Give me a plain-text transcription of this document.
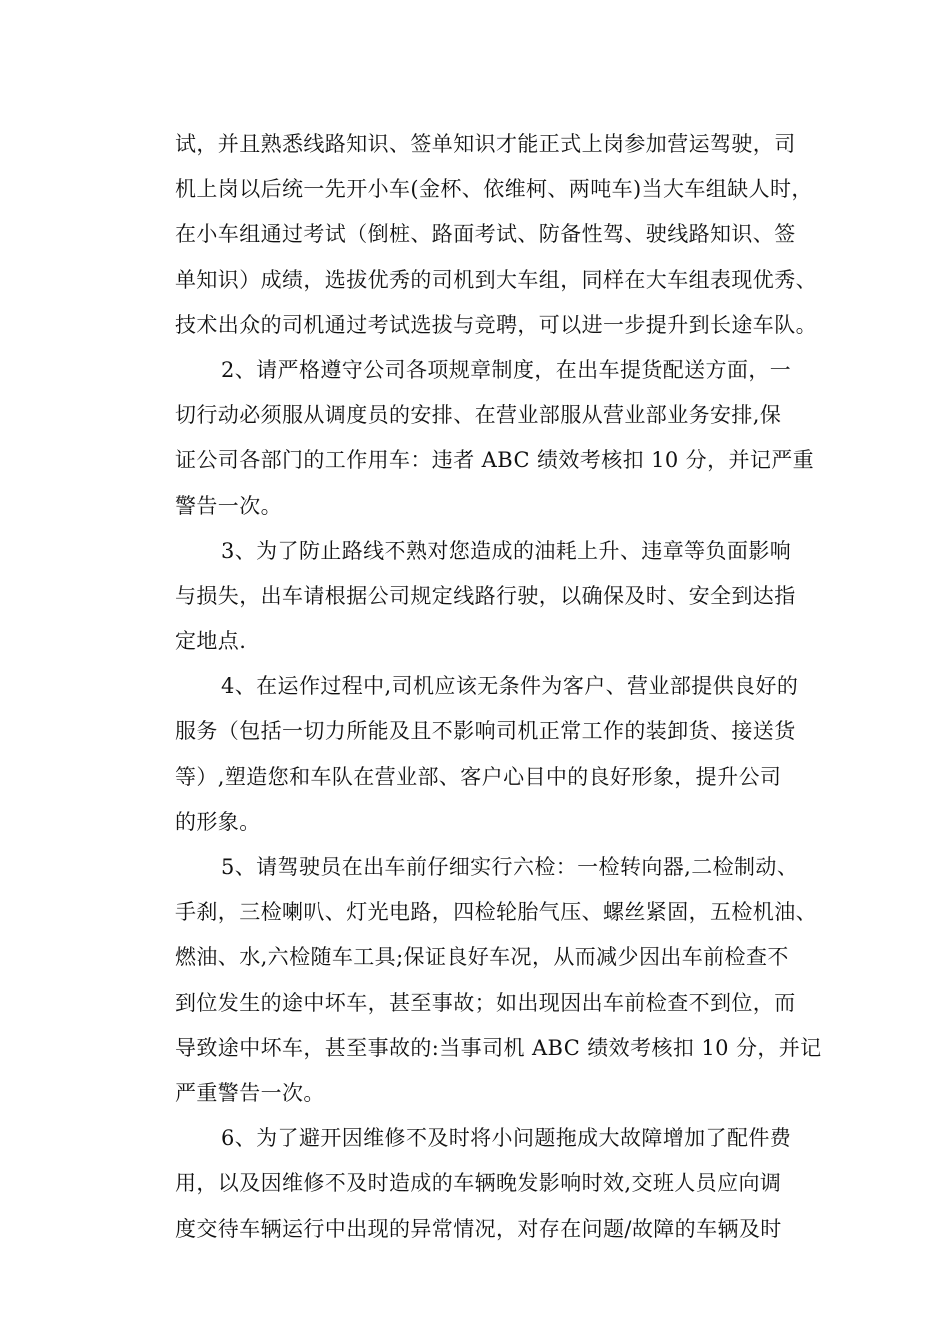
试，并且熟悉线路知识、签单知识才能正式上岗参加营运驾驶，司
机上岗以后统一先开小车(金杯、依维柯、两吨车)当大车组缺人时，
在小车组通过考试（倒桩、路面考试、防备性驾、驶线路知识、签
单知识）成绩，选拔优秀的司机到大车组，同样在大车组表现优秀、
技术出众的司机通过考试选拔与竞聘，可以进一步提升到长途车队。
2、请严格遵守公司各项规章制度，在出车提货配送方面，一
切行动必须服从调度员的安排、在营业部服从营业部业务安排,保
证公司各部门的工作用车：违者 ABC 绩效考核扣 10 分，并记严重
警告一次。
3、为了防止路线不熟对您造成的油耗上升、违章等负面影响
与损失，出车请根据公司规定线路行驶，以确保及时、安全到达指
定地点.
4、在运作过程中,司机应该无条件为客户、营业部提供良好的
服务（包括一切力所能及且不影响司机正常工作的装卸货、接送货
等）,塑造您和车队在营业部、客户心目中的良好形象，提升公司
的形象。
5、请驾驶员在出车前仔细实行六检：一检转向器,二检制动、
手刹，三检喇叭、灯光电路，四检轮胎气压、螺丝紧固，五检机油、
燃油、水,六检随车工具;保证良好车况，从而减少因出车前检查不
到位发生的途中坏车，甚至事故；如出现因出车前检查不到位，而
导致途中坏车，甚至事故的:当事司机 ABC 绩效考核扣 10 分，并记
严重警告一次。
6、为了避开因维修不及时将小问题拖成大故障增加了配件费
用，以及因维修不及时造成的车辆晚发影响时效,交班人员应向调
度交待车辆运行中出现的异常情况，对存在问题/故障的车辆及时
